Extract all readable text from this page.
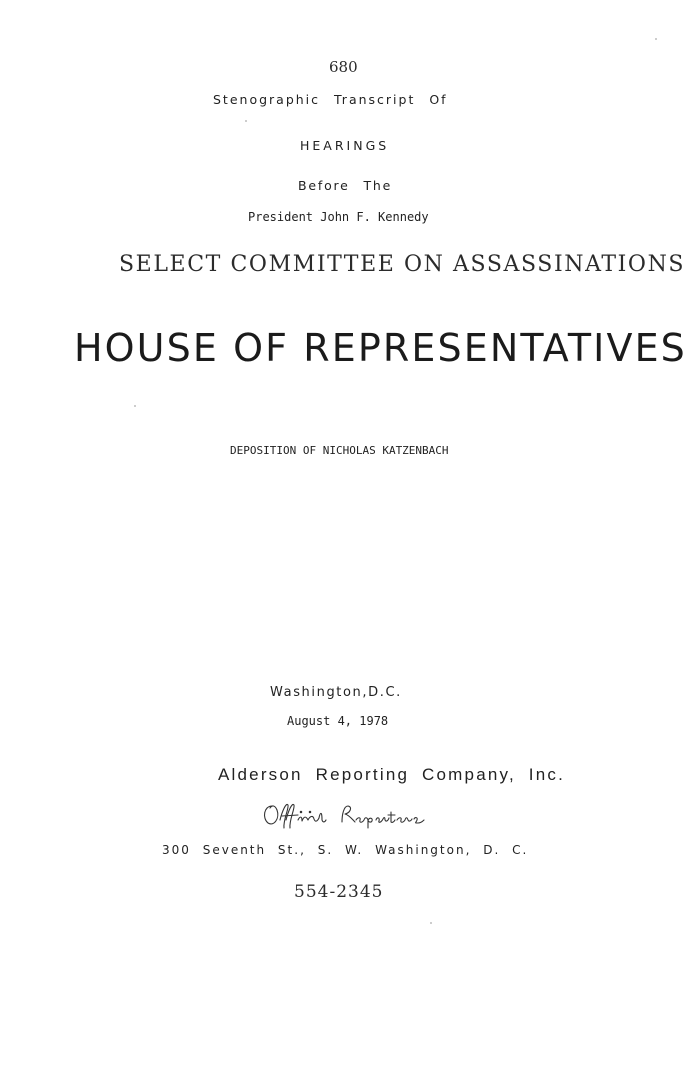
680
Stenographic Transcript Of
HEARINGS
Before The
President John F. Kennedy
SELECT COMMITTEE ON ASSASSINATIONS
HOUSE OF REPRESENTATIVES
DEPOSITION OF NICHOLAS KATZENBACH
Washington,D.C.
August 4, 1978
Alderson Reporting Company, Inc.
300 Seventh St., S. W. Washington, D. C.
554-2345
